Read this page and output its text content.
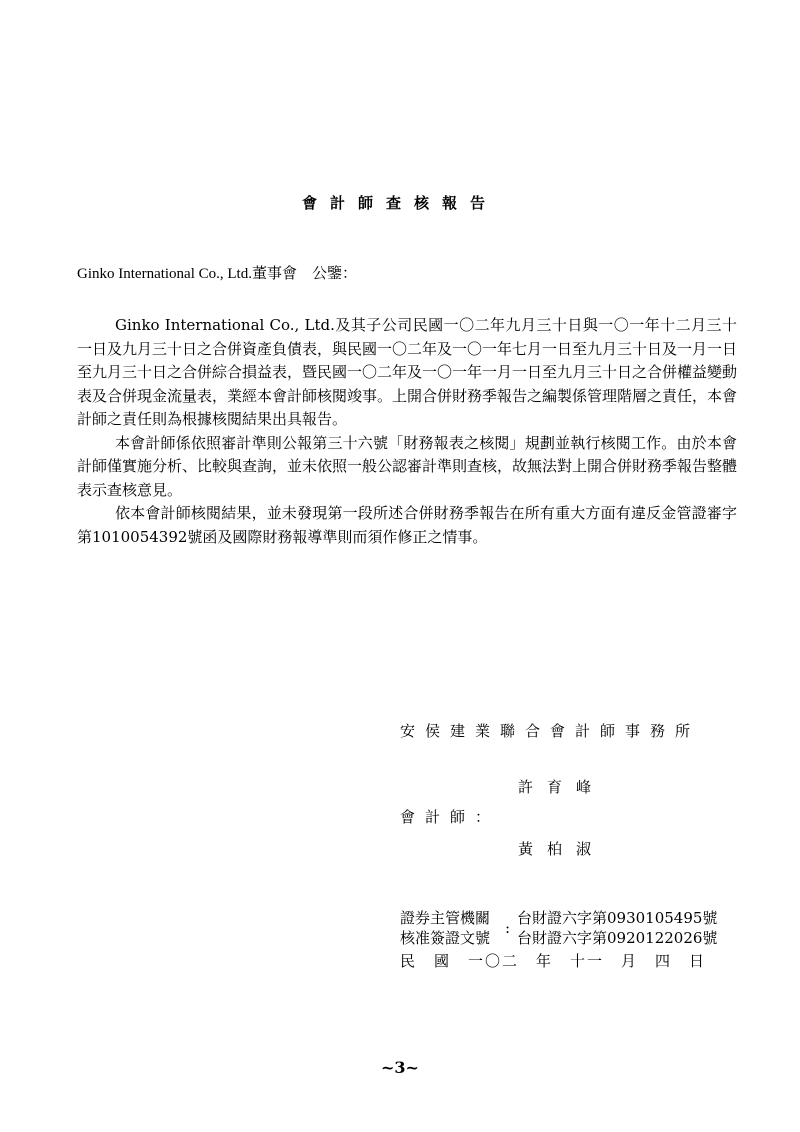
會計師查核報告
Ginko International Co., Ltd.董事會　公鑒：

Ginko International Co., Ltd.及其子公司民國一〇二年九月三十日與一〇一年十二月三十一日及九月三十日之合併資產負債表，與民國一〇二年及一〇一年七月一日至九月三十日及一月一日至九月三十日之合併綜合損益表，暨民國一〇二年及一〇一年一月一日至九月三十日之合併權益變動表及合併現金流量表，業經本會計師核閱竣事。上開合併財務季報告之編製係管理階層之責任，本會計師之責任則為根據核閱結果出具報告。

本會計師係依照審計準則公報第三十六號「財務報表之核閱」規劃並執行核閱工作。由於本會計師僅實施分析、比較與查詢，並未依照一般公認審計準則查核，故無法對上開合併財務季報告整體表示查核意見。

依本會計師核閱結果，並未發現第一段所述合併財務季報告在所有重大方面有違反金管證審字第1010054392號函及國際財務報導準則而須作修正之情事。

安侯建業聯合會計師事務所
許育峰
會計師：
黃柏淑
證券主管機關:台財證六字第0930105495號
核准簽證文號 台財證六字第0920122026號
民　國　一〇二　年　十一　月　四　日
~3~
